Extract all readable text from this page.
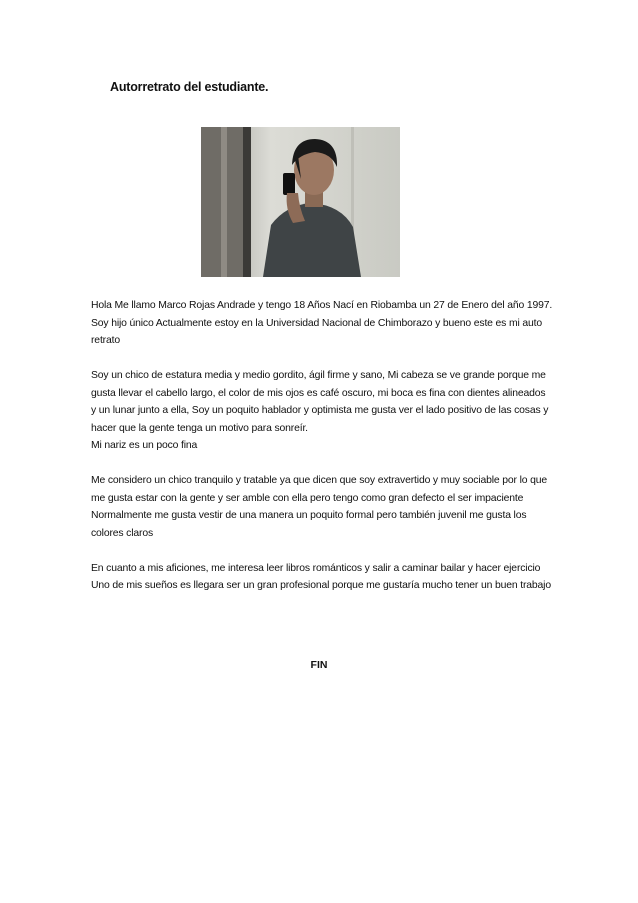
Autorretrato del estudiante.

Hola Me llamo Marco Rojas Andrade y tengo 18 Años Nací en Riobamba un 27 de Enero del año 1997. Soy hijo único Actualmente estoy en la Universidad Nacional de Chimborazo y bueno este es mi auto retrato

Soy un chico de estatura media y medio gordito, ágil firme y sano, Mi cabeza se ve grande porque me gusta llevar el cabello largo, el color de mis ojos es café oscuro, mi boca es fina con dientes alineados y un lunar junto a ella, Soy un poquito hablador y optimista me gusta ver el lado positivo de las cosas y hacer que la gente tenga un motivo para sonreír.

Mi nariz es un poco fina

Me considero un chico tranquilo y tratable ya que dicen que soy extravertido y muy sociable por lo que me gusta estar con la gente y ser amble con ella pero tengo como gran defecto el ser impaciente

Normalmente me gusta vestir de una manera un poquito formal pero también juvenil me gusta los colores claros

En cuanto a mis aficiones, me interesa leer libros románticos y salir a caminar bailar y hacer ejercicio

Uno de mis sueños es llegara ser un gran profesional porque me gustaría mucho tener un buen trabajo

FIN
